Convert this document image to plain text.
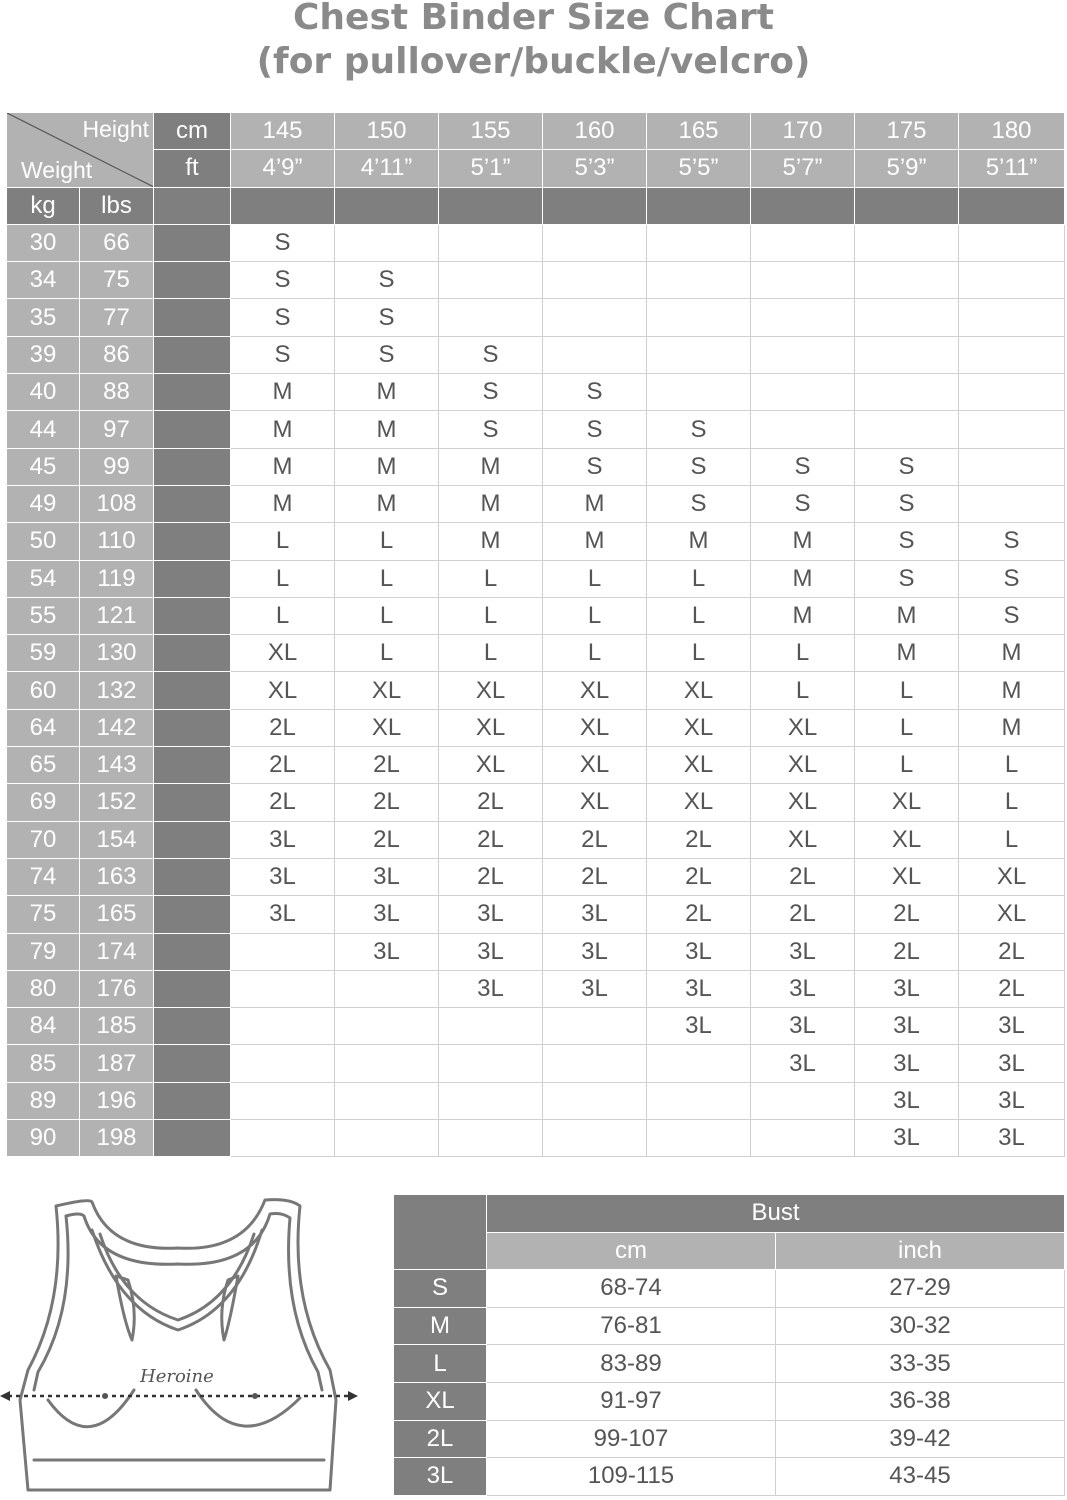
Chest Binder Size Chart
(for pullover/buckle/velcro)
Height
Weight		cm	145	150	155	160	165	170	175	180
		ft	4’9”	4’11”	5’1”	5’3”	5’5”	5’7”	5’9”	5’11”
kg	lbs									
30	66		S							
34	75		S	S						
35	77		S	S						
39	86		S	S	S					
40	88		M	M	S	S				
44	97		M	M	S	S	S			
45	99		M	M	M	S	S	S	S	
49	108		M	M	M	M	S	S	S	
50	110		L	L	M	M	M	M	S	S
54	119		L	L	L	L	L	M	S	S
55	121		L	L	L	L	L	M	M	S
59	130		XL	L	L	L	L	L	M	M
60	132		XL	XL	XL	XL	XL	L	L	M
64	142		2L	XL	XL	XL	XL	XL	L	M
65	143		2L	2L	XL	XL	XL	XL	L	L
69	152		2L	2L	2L	XL	XL	XL	XL	L
70	154		3L	2L	2L	2L	2L	XL	XL	L
74	163		3L	3L	2L	2L	2L	2L	XL	XL
75	165		3L	3L	3L	3L	2L	2L	2L	XL
79	174			3L	3L	3L	3L	3L	2L	2L
80	176				3L	3L	3L	3L	3L	2L
84	185						3L	3L	3L	3L
85	187							3L	3L	3L
89	196								3L	3L
90	198								3L	3L
Heroine
	Bust	
	cm	inch
S	68-74	27-29
M	76-81	30-32
L	83-89	33-35
XL	91-97	36-38
2L	99-107	39-42
3L	109-115	43-45
